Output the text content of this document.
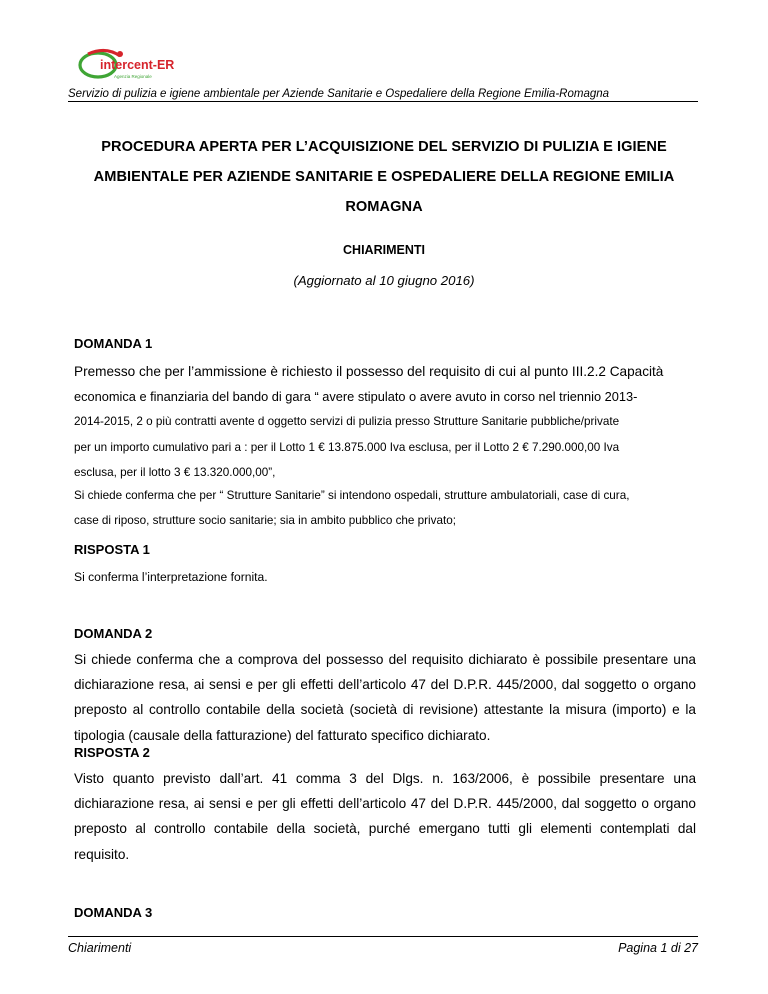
intercent-ER
Agenzia Regionale
Servizio di pulizia e igiene ambientale per Aziende Sanitarie e Ospedaliere della Regione Emilia-Romagna
PROCEDURA APERTA PER L’ACQUISIZIONE DEL SERVIZIO DI PULIZIA E IGIENE
AMBIENTALE PER AZIENDE SANITARIE E OSPEDALIERE DELLA REGIONE EMILIA
ROMAGNA
CHIARIMENTI
(Aggiornato al 10 giugno 2016)
DOMANDA 1
Premesso che per l’ammissione è richiesto il possesso del requisito di cui al punto III.2.2 Capacità
economica e finanziaria del bando di gara “ avere stipulato o avere avuto in corso nel triennio 2013-
2014-2015, 2 o più contratti avente d oggetto servizi di pulizia presso Strutture Sanitarie pubbliche/private
per un importo cumulativo pari a : per il Lotto 1 € 13.875.000 Iva esclusa, per il Lotto 2 € 7.290.000,00 Iva
esclusa, per il lotto 3 € 13.320.000,00”,
Si chiede conferma che per “ Strutture Sanitarie” si intendono ospedali, strutture ambulatoriali, case di cura,
case di riposo, strutture socio sanitarie; sia in ambito pubblico che privato;
RISPOSTA 1
Si conferma l’interpretazione fornita.
DOMANDA 2
Si chiede conferma che a comprova del possesso del requisito dichiarato è possibile presentare una dichiarazione resa, ai sensi e per gli effetti dell’articolo 47 del D.P.R. 445/2000, dal soggetto o organo preposto al controllo contabile della società (società di revisione) attestante la misura (importo) e la tipologia (causale della fatturazione) del fatturato specifico dichiarato.
RISPOSTA 2
Visto quanto previsto dall’art. 41 comma 3 del Dlgs. n. 163/2006, è possibile presentare una dichiarazione resa, ai sensi e per gli effetti dell’articolo 47 del D.P.R. 445/2000, dal soggetto o organo preposto al controllo contabile della società, purché emergano tutti gli elementi contemplati dal requisito.
DOMANDA 3
Chiarimenti	Pagina 1 di 27
